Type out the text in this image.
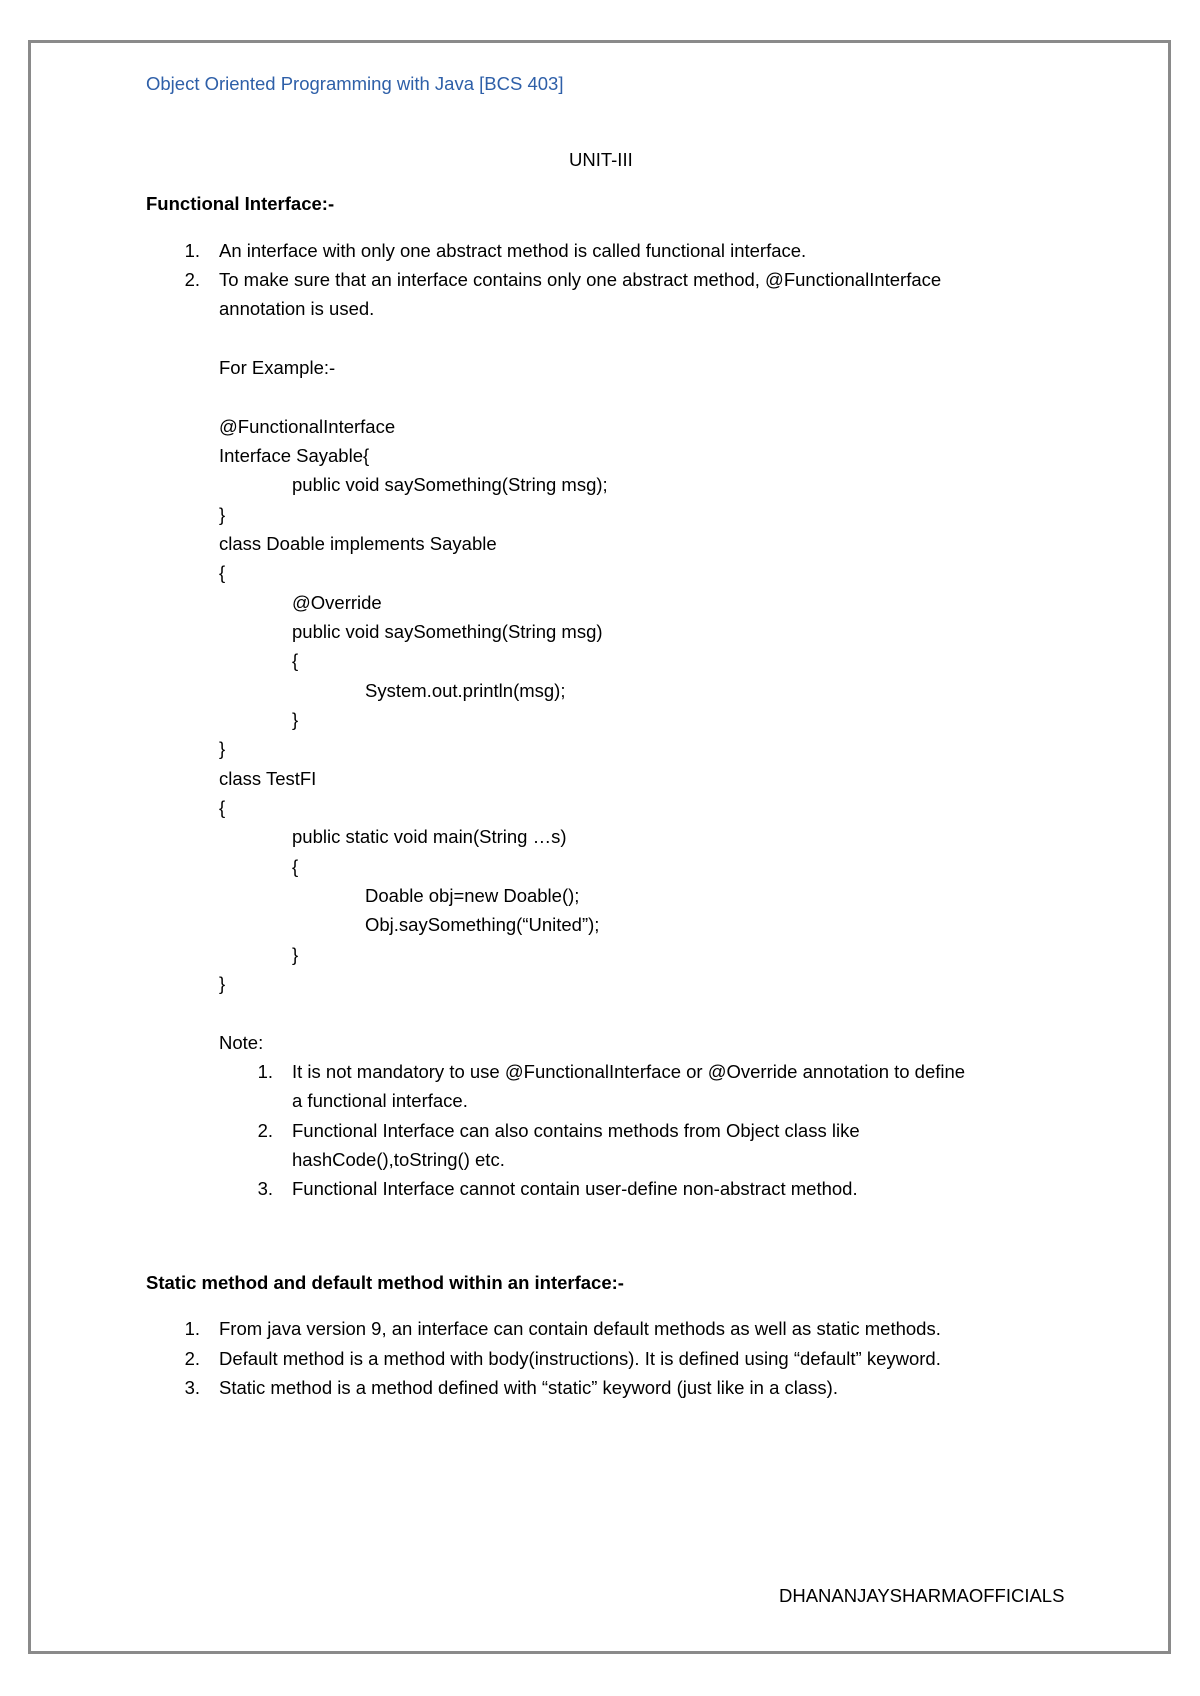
Object Oriented Programming with Java [BCS 403]
UNIT-III
Functional Interface:-
1. An interface with only one abstract method is called functional interface.
2. To make sure that an interface contains only one abstract method, @FunctionalInterface
annotation is used.
For Example:-
@FunctionalInterface
Interface Sayable{
public void saySomething(String msg);
}
class Doable implements Sayable
{
@Override
public void saySomething(String msg)
{
System.out.println(msg);
}
}
class TestFI
{
public static void main(String …s)
{
Doable obj=new Doable();
Obj.saySomething(“United”);
}
}
Note:
1. It is not mandatory to use @FunctionalInterface or @Override annotation to define
a functional interface.
2. Functional Interface can also contains methods from Object class like
hashCode(),toString() etc.
3. Functional Interface cannot contain user-define non-abstract method.
Static method and default method within an interface:-
1. From java version 9, an interface can contain default methods as well as static methods.
2. Default method is a method with body(instructions). It is defined using “default” keyword.
3. Static method is a method defined with “static” keyword (just like in a class).
DHANANJAYSHARMAOFFICIALS
